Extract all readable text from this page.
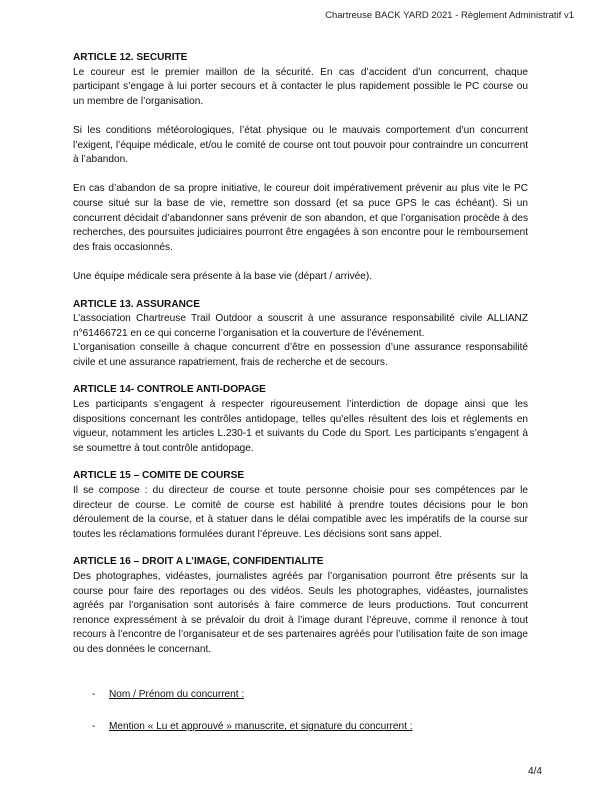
Chartreuse BACK YARD 2021 - Règlement Administratif v1

ARTICLE 12. SECURITE

Le coureur est le premier maillon de la sécurité. En cas d’accident d’un concurrent, chaque participant s’engage à lui porter secours et à contacter le plus rapidement possible le PC course ou un membre de l’organisation.

Si les conditions météorologiques, l’état physique ou le mauvais comportement d’un concurrent l’exigent, l’équipe médicale, et/ou le comité de course ont tout pouvoir pour contraindre un concurrent à l’abandon.

En cas d’abandon de sa propre initiative, le coureur doit impérativement prévenir au plus vite le PC course situé sur la base de vie, remettre son dossard (et sa puce GPS le cas échéant). Si un concurrent décidait d’abandonner sans prévenir de son abandon, et que l’organisation procède à des recherches, des poursuites judiciaires pourront être engagées à son encontre pour le remboursement des frais occasionnés.

Une équipe médicale sera présente à la base vie (départ / arrivée).

ARTICLE 13. ASSURANCE

L’association Chartreuse Trail Outdoor a souscrit à une assurance responsabilité civile ALLIANZ n°61466721 en ce qui concerne l’organisation et la couverture de l’événement.

L’organisation conseille à chaque concurrent d’être en possession d’une assurance responsabilité civile et une assurance rapatriement, frais de recherche et de secours.

ARTICLE 14- CONTROLE ANTI-DOPAGE

Les participants s’engagent à respecter rigoureusement l’interdiction de dopage ainsi que les dispositions concernant les contrôles antidopage, telles qu’elles résultent des lois et règlements en vigueur, notamment les articles L.230-1 et suivants du Code du Sport. Les participants s’engagent à se soumettre à tout contrôle antidopage.

ARTICLE 15 – COMITE DE COURSE

Il se compose : du directeur de course et toute personne choisie pour ses compétences par le directeur de course. Le comité de course est habilité à prendre toutes décisions pour le bon déroulement de la course, et à statuer dans le délai compatible avec les impératifs de la course sur toutes les réclamations formulées durant l’épreuve. Les décisions sont sans appel.

ARTICLE 16 – DROIT A L’IMAGE, CONFIDENTIALITE

Des photographes, vidéastes, journalistes agréés par l’organisation pourront être présents sur la course pour faire des reportages ou des vidéos. Seuls les photographes, vidéastes, journalistes agréés par l’organisation sont autorisés à faire commerce de leurs productions. Tout concurrent renonce expressément à se prévaloir du droit à l’image durant l’épreuve, comme il renonce à tout recours à l’encontre de l’organisateur et de ses partenaires agréés pour l’utilisation faite de son image ou des données le concernant.

- Nom / Prénom du concurrent :
- Mention « Lu et approuvé » manuscrite, et signature du concurrent :
4/4
